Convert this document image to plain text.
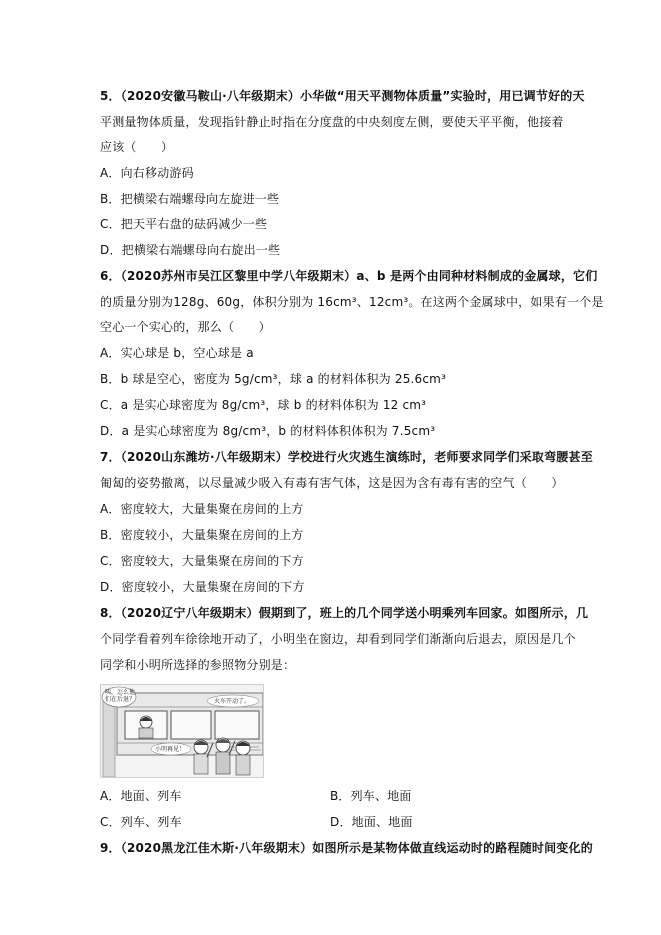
5．（2020安徽马鞍山·八年级期末）小华做“用天平测物体质量”实验时，用已调节好的天
平测量物体质量，发现指针静止时指在分度盘的中央刻度左侧，要使天平平衡，他接着
应该（　　）
A．向右移动游码
B．把横梁右端螺母向左旋进一些
C．把天平右盘的砝码减少一些
D．把横梁右端螺母向右旋出一些
6．（2020苏州市吴江区黎里中学八年级期末）a、b 是两个由同种材料制成的金属球，它们
的质量分别为128g、60g，体积分别为 16cm³、12cm³。在这两个金属球中，如果有一个是
空心一个实心的，那么（　　）
A．实心球是 b，空心球是 a
B．b 球是空心，密度为 5g/cm³，球 a 的材料体积为 25.6cm³
C．a 是实心球密度为 8g/cm³，球 b 的材料体积为 12 cm³
D．a 是实心球密度为 8g/cm³，b 的材料体积体积为 7.5cm³
7．（2020山东潍坊·八年级期末）学校进行火灾逃生演练时，老师要求同学们采取弯腰甚至
匍匐的姿势撤离，以尽量减少吸入有毒有害气体，这是因为含有毒有害的空气（　　）
A．密度较大，大量集聚在房间的上方
B．密度较小，大量集聚在房间的上方
C．密度较大，大量集聚在房间的下方
D．密度较小，大量集聚在房间的下方
8．（2020辽宁八年级期末）假期到了，班上的几个同学送小明乘列车回家。如图所示，几
个同学看着列车徐徐地开动了，小明坐在窗边，却看到同学们渐渐向后退去，原因是几个
同学和小明所选择的参照物分别是：
咦，怎么他们在后退？	火车开动了。
小明再见！
A．地面、列车	B．列车、地面
C．列车、列车	D．地面、地面
9．（2020黑龙江佳木斯·八年级期末）如图所示是某物体做直线运动时的路程随时间变化的
